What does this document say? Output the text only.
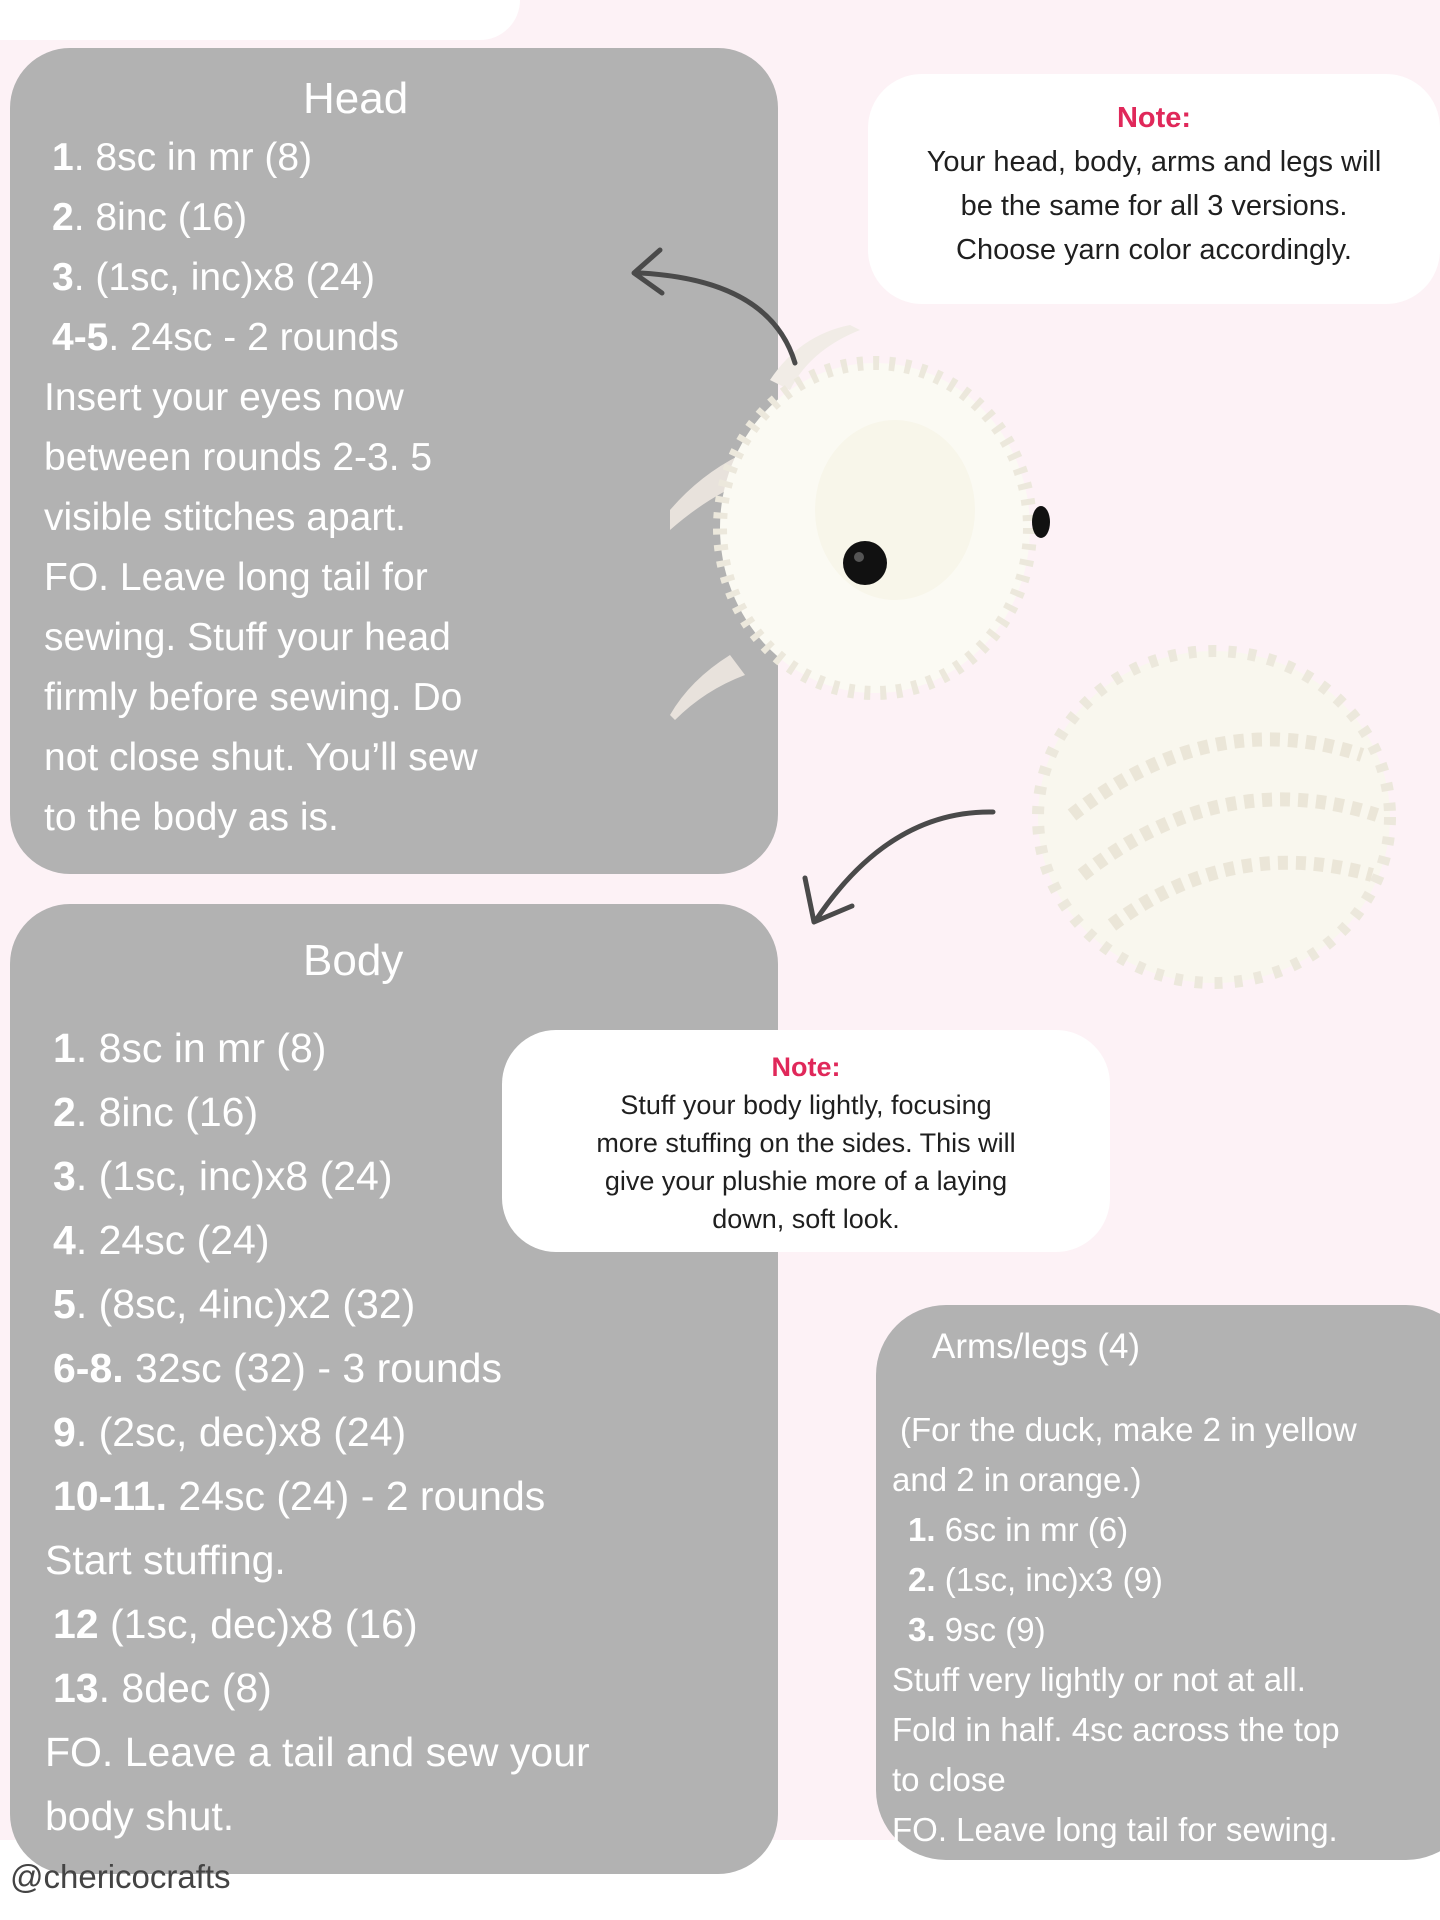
Head
1. 8sc in mr (8)
2. 8inc (16)
3. (1sc, inc)x8 (24)
4-5. 24sc - 2 rounds
Insert your eyes now
between rounds 2-3. 5
visible stitches apart.
FO. Leave long tail for
sewing. Stuff your head
firmly before sewing. Do
not close shut. You’ll sew
to the body as is.
Note:
Your head, body, arms and legs will
be the same for all 3 versions.
Choose yarn color accordingly.
Body
1. 8sc in mr (8)
2. 8inc (16)
3. (1sc, inc)x8 (24)
4. 24sc (24)
5. (8sc, 4inc)x2 (32)
6-8. 32sc (32) - 3 rounds
9. (2sc, dec)x8 (24)
10-11. 24sc (24) - 2 rounds
Start stuffing.
12 (1sc, dec)x8 (16)
13. 8dec (8)
FO. Leave a tail and sew your
body shut.
Note:
Stuff your body lightly, focusing
more stuffing on the sides. This will
give your plushie more of a laying
down, soft look.
Arms/legs (4)
(For the duck, make 2 in yellow
and 2 in orange.)
1. 6sc in mr (6)
2. (1sc, inc)x3 (9)
3. 9sc (9)
Stuff very lightly or not at all.
Fold in half. 4sc across the top
to close
FO. Leave long tail for sewing.
@chericocrafts
